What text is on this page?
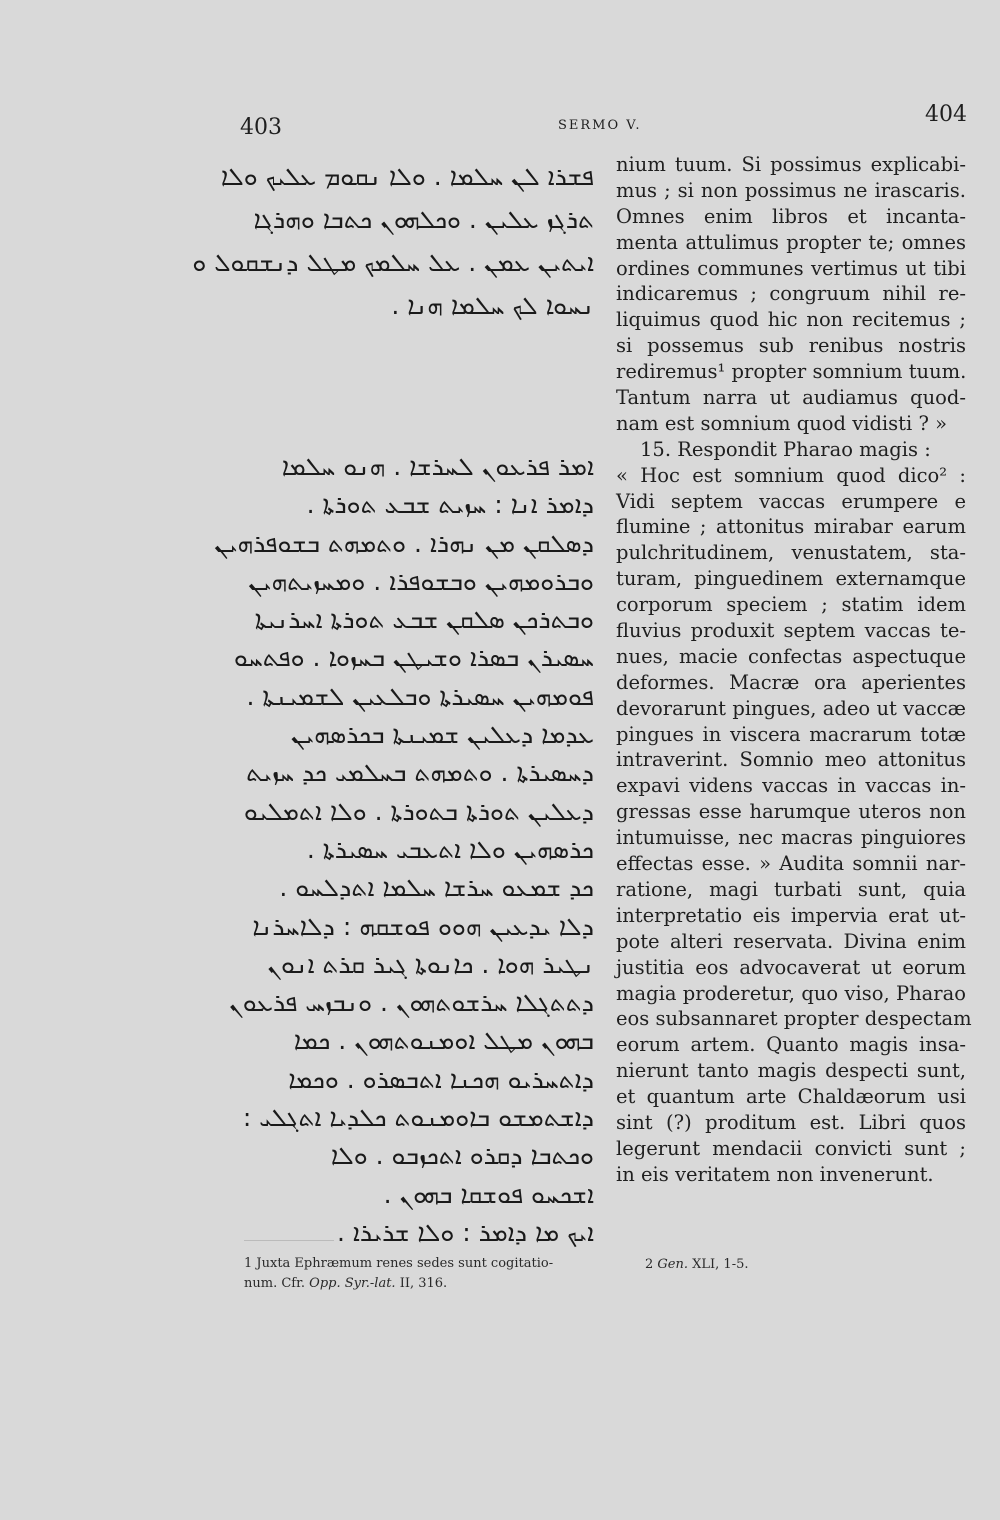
403	SERMO V.	404
ܦܫܪܐ ܠܢ ܚܠܡܐ . ܘܠܐ ܢܩܘܡ ܥܠܝܟ ܘܠܐ
ܬܪܓܙ ܥܠܝܢ . ܘܟܠܗܘܢ ܟܬܒܐ ܘܗܪܓܐ
ܐܝܬܝܢ ܥܡܢ . ܥܠ ܚܠܡܟ ܡܛܠ ܕܢܫܩܘܠ ܘ
ܢܚܘܐ ܠܟ ܚܠܡܐ ܗܢܐ .
ܐܡܪ ܦܪܥܘܢ ܠܚܪܫܐ . ܗܢܘ ܚܠܡܐ
ܕܐܡܪ ܐܢܐ : ܚܙܝܬ ܫܒܥ ܬܘܪܬܐ .
ܕܣܠܩܢ ܡܢ ܢܗܪܐ . ܘܬܡܗܬ ܒܫܘܦܪܗܝܢ
ܘܒܪܘܡܗܝܢ ܘܒܫܘܦܪܐ . ܘܡܚܙܝܬܗܝܢ
ܘܒܬܪܟܢ ܣܠܩܢ ܫܒܥ ܬܘܪܬܐ ܐܚܪܢܝܬܐ
ܚܣܝܪܢ ܒܣܪܐ ܘܫܝܛܢ ܒܚܙܘܐ . ܘܦܬܚܘ
ܦܘܡܗܝܢ ܚܣܝܪܬܐ ܘܒܠܥܝܢ ܠܫܡܝܢܬܐ .
ܥܕܡܐ ܕܥܠܝܢ ܫܡܝܢܬܐ ܒܟܪܣܗܝܢ
ܕܚܣܝܪܬܐ . ܘܬܡܗܬ ܒܚܠܡܝ ܟܕ ܚܙܝܬ
ܕܥܠܝܢ ܬܘܪܬܐ ܒܬܘܪܬܐ . ܘܠܐ ܐܬܡܠܝܘ
ܟܪܣܗܝܢ ܘܠܐ ܐܬܥܒܝ ܚܣܝܪܬܐ .
ܟܕ ܫܡܥܘ ܚܪܫܐ ܚܠܡܐ ܐܬܕܠܚܘ .
ܕܠܐ ܝܕܥܝܢ ܗܘܘ ܦܘܫܩܗ : ܕܠܐܚܪܢܐ
ܢܛܝܪ ܗܘܐ . ܟܐܢܘܬܐ ܓܝܪ ܩܪܬ ܐܢܘܢ
ܕܬܬܓܠܐ ܚܪܫܘܬܗܘܢ . ܘܢܒܙܚ ܦܪܥܘܢ
ܒܗܘܢ ܡܛܠ ܐܘܡܢܘܬܗܘܢ . ܟܡܐ
ܕܐܬܚܪܝܘ ܗܟܢܐ ܐܬܒܣܪܘ . ܘܟܡܐ
ܕܐܫܬܡܫܘ ܒܐܘܡܢܘܬ ܟܠܕܝܐ ܐܬܓܠܝ :
ܘܟܬܒܐ ܕܩܪܘ ܐܬܟܙܒܘ . ܘܠܐ
ܐܫܟܚܘ ܦܘܫܩܐ ܒܗܘܢ .
ܐܝܟ ܡܐ ܕܐܡܪ : ܘܠܐ ܫܪܝܪܐ .
nium tuum. Si possimus explicabi-
mus ; si non possimus ne irascaris.
Omnes enim libros et incanta-
menta attulimus propter te; omnes
ordines communes vertimus ut tibi
indicaremus ; congruum nihil re-
liquimus quod hic non recitemus ;
si possemus sub renibus nostris
rediremus¹ propter somnium tuum.
Tantum narra ut audiamus quod-
nam est somnium quod vidisti ? »
15. Respondit Pharao magis :
« Hoc est somnium quod dico² :
Vidi septem vaccas erumpere e
flumine ; attonitus mirabar earum
pulchritudinem, venustatem, sta-
turam, pinguedinem externamque
corporum speciem ; statim idem
fluvius produxit septem vaccas te-
nues, macie confectas aspectuque
deformes. Macræ ora aperientes
devorarunt pingues, adeo ut vaccæ
pingues in viscera macrarum totæ
intraverint. Somnio meo attonitus
expavi videns vaccas in vaccas in-
gressas esse harumque uteros non
intumuisse, nec macras pinguiores
effectas esse. » Audita somnii nar-
ratione, magi turbati sunt, quia
interpretatio eis impervia erat ut-
pote alteri reservata. Divina enim
justitia eos advocaverat ut eorum
magia proderetur, quo viso, Pharao
eos subsannaret propter despectam
eorum artem. Quanto magis insa-
nierunt tanto magis despecti sunt,
et quantum arte Chaldæorum usi
sint (?) proditum est. Libri quos
legerunt mendacii convicti sunt ;
in eis veritatem non invenerunt.
1 Juxta Ephræmum renes sedes sunt cogitatio-
num. Cfr. Opp. Syr.-lat. II, 316.
2 Gen. XLI, 1-5.
